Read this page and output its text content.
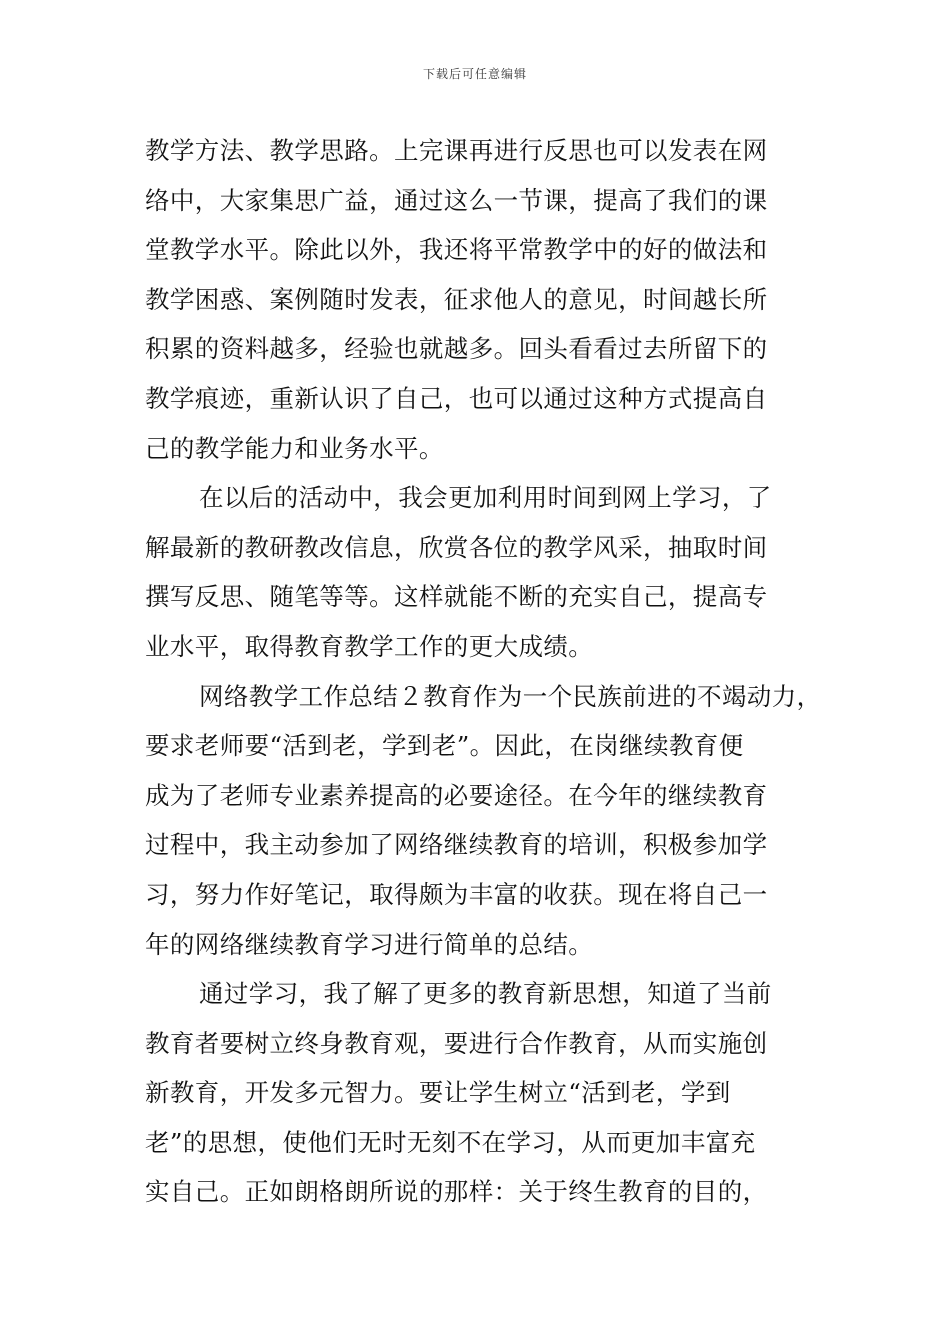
下载后可任意编辑
教学方法、教学思路。上完课再进行反思也可以发表在网
络中，大家集思广益，通过这么一节课，提高了我们的课
堂教学水平。除此以外，我还将平常教学中的好的做法和
教学困惑、案例随时发表，征求他人的意见，时间越长所
积累的资料越多，经验也就越多。回头看看过去所留下的
教学痕迹，重新认识了自己，也可以通过这种方式提高自
己的教学能力和业务水平。
在以后的活动中，我会更加利用时间到网上学习，了
解最新的教研教改信息，欣赏各位的教学风采，抽取时间
撰写反思、随笔等等。这样就能不断的充实自己，提高专
业水平，取得教育教学工作的更大成绩。
网络教学工作总结２教育作为一个民族前进的不竭动力，
要求老师要“活到老，学到老”。因此，在岗继续教育便
成为了老师专业素养提高的必要途径。在今年的继续教育
过程中，我主动参加了网络继续教育的培训，积极参加学
习，努力作好笔记，取得颇为丰富的收获。现在将自己一
年的网络继续教育学习进行简单的总结。
通过学习，我了解了更多的教育新思想，知道了当前
教育者要树立终身教育观，要进行合作教育，从而实施创
新教育，开发多元智力。要让学生树立“活到老，学到
老”的思想，使他们无时无刻不在学习，从而更加丰富充
实自己。正如朗格朗所说的那样：关于终生教育的目的，
